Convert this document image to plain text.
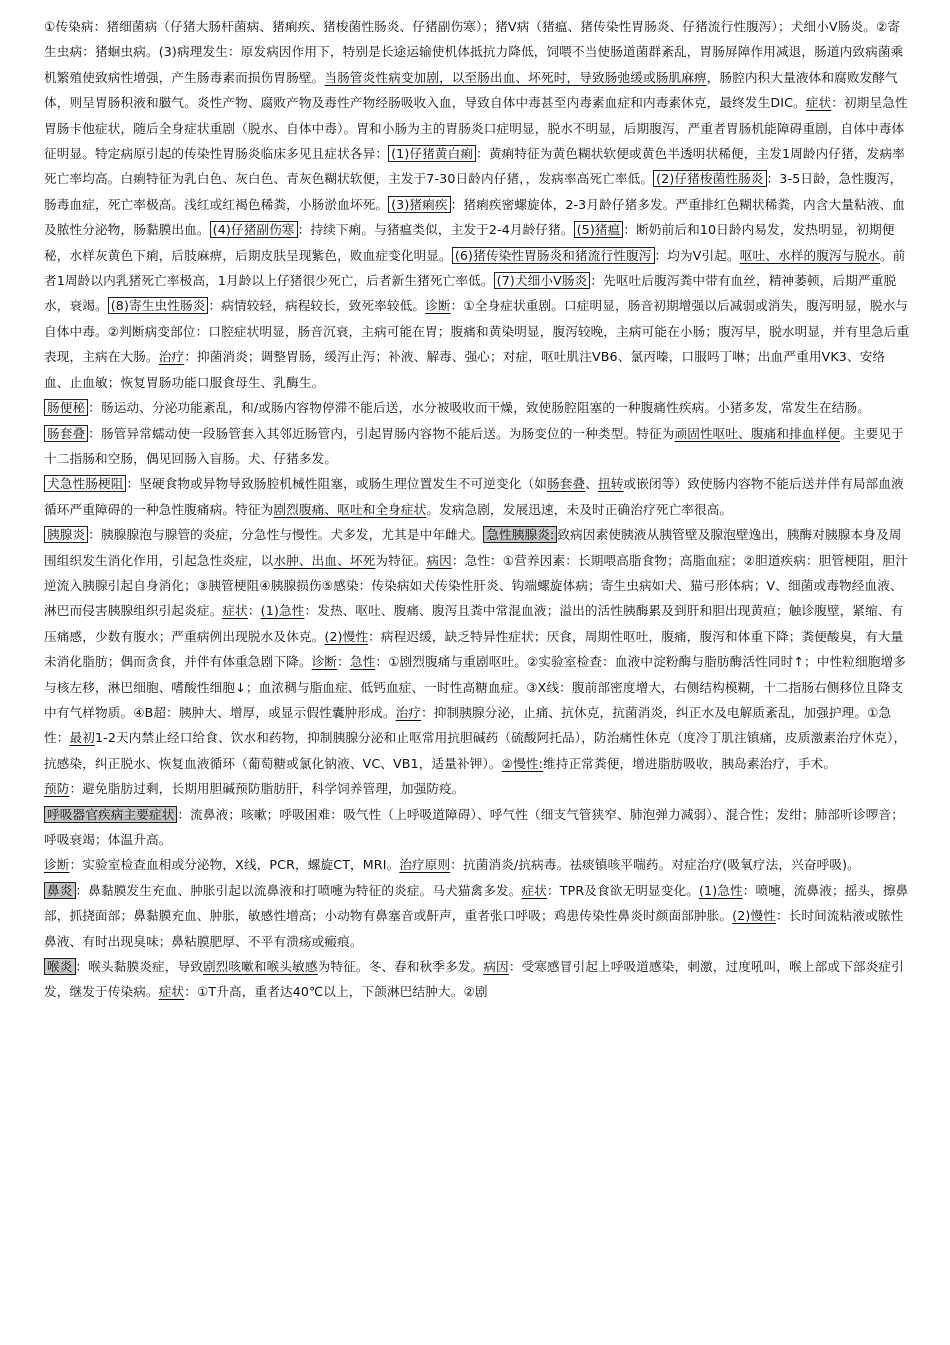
①传染病：猪细菌病（仔猪大肠杆菌病、猪痢疾、猪梭菌性肠炎、仔猪副伤寒）；猪V病（猪瘟、猪传染性胃肠炎、仔猪流行性腹泻）；犬细小V肠炎。②寄生虫病：猪蛔虫病。(3)病理发生：原发病因作用下，特别是长途运输使机体抵抗力降低，饲喂不当使肠道菌群紊乱，胃肠屏障作用减退，肠道内致病菌乘机繁殖使致病性增强，产生肠毒素而损伤胃肠壁。当肠管炎性病变加剧，以至肠出血、坏死时，导致肠弛缓或肠肌麻痹，肠腔内积大量液体和腐败发酵气体，则呈胃肠积液和臌气。炎性产物、腐败产物及毒性产物经肠吸收入血，导致自体中毒甚至内毒素血症和内毒素休克，最终发生DIC。症状：初期呈急性胃肠卡他症状，随后全身症状重剧（脱水、自体中毒）。胃和小肠为主的胃肠炎口症明显，脱水不明显，后期腹泻，严重者胃肠机能障碍重剧，自体中毒体征明显。特定病原引起的传染性胃肠炎临床多见且症状各异： (1)仔猪黄白痢 ：黄痢特征为黄色糊状软便或黄色半透明状稀便，主发1周龄内仔猪，发病率死亡率均高。白痢特征为乳白色、灰白色、青灰色糊状软便，主发于7-30日龄内仔猪，，发病率高死亡率低。 (2)仔猪梭菌性肠炎 ：3-5日龄，急性腹泻，肠毒血症，死亡率极高。浅红或红褐色稀粪，小肠淤血坏死。 (3)猪痢疾 ：猪痢疾密螺旋体，2-3月龄仔猪多发。严重排红色糊状稀粪，内含大量粘液、血及脓性分泌物，肠黏膜出血。 (4)仔猪副伤寒 ：持续下痢。与猪瘟类似，主发于2-4月龄仔猪。 (5)猪瘟 ：断奶前后和10日龄内易发，发热明显，初期便秘，水样灰黄色下痢，后肢麻痹，后期皮肤呈现紫色，败血症变化明显。 (6)猪传染性胃肠炎和猪流行性腹泻 ：均为V引起。呕吐、水样的腹泻与脱水。前者1周龄以内乳猪死亡率极高，1月龄以上仔猪很少死亡，后者新生猪死亡率低。 (7)犬细小V肠炎 ：先呕吐后腹泻粪中带有血丝，精神萎顿，后期严重脱水，衰竭。 (8)寄生虫性肠炎 ：病情较轻，病程较长，致死率较低。诊断：①全身症状重剧。口症明显，肠音初期增强以后减弱或消失，腹泻明显，脱水与自体中毒。②判断病变部位：口腔症状明显，肠音沉衰，主病可能在胃；腹痛和黄染明显，腹泻较晚，主病可能在小肠；腹泻早，脱水明显，并有里急后重表现，主病在大肠。治疗：抑菌消炎；调整胃肠，缓泻止泻；补液、解毒、强心；对症，呕吐肌注VB6、氯丙嗪，口服吗丁啉；出血严重用VK3、安络血、止血敏；恢复胃肠功能口服食母生、乳酶生。

肠便秘 ：肠运动、分泌功能紊乱，和/或肠内容物停滞不能后送，水分被吸收而干燥，致使肠腔阻塞的一种腹痛性疾病。小猪多发，常发生在结肠。

肠套叠 ：肠管异常蠕动使一段肠管套入其邻近肠管内，引起胃肠内容物不能后送。为肠变位的一种类型。特征为顽固性呕吐、腹痛和排血样便。主要见于十二指肠和空肠，偶见回肠入盲肠。犬、仔猪多发。

犬急性肠梗阻 ：坚硬食物或异物导致肠腔机械性阻塞，或肠生理位置发生不可逆变化（如肠套叠、扭转或嵌闭等）致使肠内容物不能后送并伴有局部血液循环严重障碍的一种急性腹痛病。特征为剧烈腹痛、呕吐和全身症状。发病急剧，发展迅速，未及时正确治疗死亡率很高。

胰腺炎 ：胰腺腺泡与腺管的炎症，分急性与慢性。犬多发，尤其是中年雌犬。 急性胰腺炎: 致病因素使胰液从胰管壁及腺泡壁逸出，胰酶对胰腺本身及周围组织发生消化作用，引起急性炎症，以水肿、出血、坏死为特征。病因：急性：①营养因素：长期喂高脂食物；高脂血症；②胆道疾病：胆管梗阻，胆汁逆流入胰腺引起自身消化；③胰管梗阻④胰腺损伤⑤感染：传染病如犬传染性肝炎、钩端螺旋体病；寄生虫病如犬、猫弓形体病；V、细菌或毒物经血液、淋巴而侵害胰腺组织引起炎症。症状：(1)急性：发热、呕吐、腹痛、腹泻且粪中常混血液；溢出的活性胰酶累及到肝和胆出现黄疸；触诊腹壁，紧缩、有压痛感，少数有腹水；严重病例出现脱水及休克。(2)慢性：病程迟缓，缺乏特异性症状；厌食，周期性呕吐，腹痛，腹泻和体重下降；粪便酸臭，有大量未消化脂肪；偶而贪食，并伴有体重急剧下降。诊断：急性：①剧烈腹痛与重剧呕吐。②实验室检查：血液中淀粉酶与脂肪酶活性同时↑；中性粒细胞增多与核左移，淋巴细胞、嗜酸性细胞↓；血浓稠与脂血症、低钙血症、一时性高糖血症。③X线：腹前部密度增大，右侧结构模糊，十二指肠右侧移位且降支中有气样物质。④B超：胰肿大、增厚，或显示假性囊肿形成。治疗：抑制胰腺分泌，止痛、抗休克，抗菌消炎，纠正水及电解质紊乱，加强护理。①急性：最初1-2天内禁止经口给食、饮水和药物，抑制胰腺分泌和止呕常用抗胆碱药（硫酸阿托品），防治痛性休克（度冷丁肌注镇痛，皮质激素治疗休克），抗感染，纠正脱水、恢复血液循环（葡萄糖或氯化钠液、VC、VB1，适量补钾）。②慢性:维持正常粪便，增进脂肪吸收，胰岛素治疗，手术。

预防：避免脂肪过剩，长期用胆碱预防脂肪肝，科学饲养管理，加强防疫。

呼吸器官疾病主要症状 ：流鼻液；咳嗽；呼吸困难：吸气性（上呼吸道障碍）、呼气性（细支气管狭窄、肺泡弹力减弱）、混合性；发绀；肺部听诊啰音；呼吸衰竭；体温升高。

诊断：实验室检查血相或分泌物，X线，PCR，螺旋CT，MRI。治疗原则：抗菌消炎/抗病毒。祛痰镇咳平喘药。对症治疗(吸氧疗法，兴奋呼吸)。

鼻炎 ：鼻黏膜发生充血、肿胀引起以流鼻液和打喷嚏为特征的炎症。马犬猫禽多发。症状：TPR及食欲无明显变化。(1)急性：喷嚏，流鼻液；摇头，擦鼻部，抓挠面部；鼻黏膜充血、肿胀，敏感性增高；小动物有鼻塞音或鼾声，重者张口呼吸；鸡患传染性鼻炎时颜面部肿胀。(2)慢性：长时间流粘液或脓性鼻液、有时出现臭味；鼻粘膜肥厚、不平有溃疡或瘢痕。

喉炎 ：喉头黏膜炎症，导致剧烈咳嗽和喉头敏感为特征。冬、春和秋季多发。病因：受寒感冒引起上呼吸道感染，刺激，过度吼叫，喉上部或下部炎症引发，继发于传染病。症状：①T升高，重者达40℃以上，下颌淋巴结肿大。②剧
